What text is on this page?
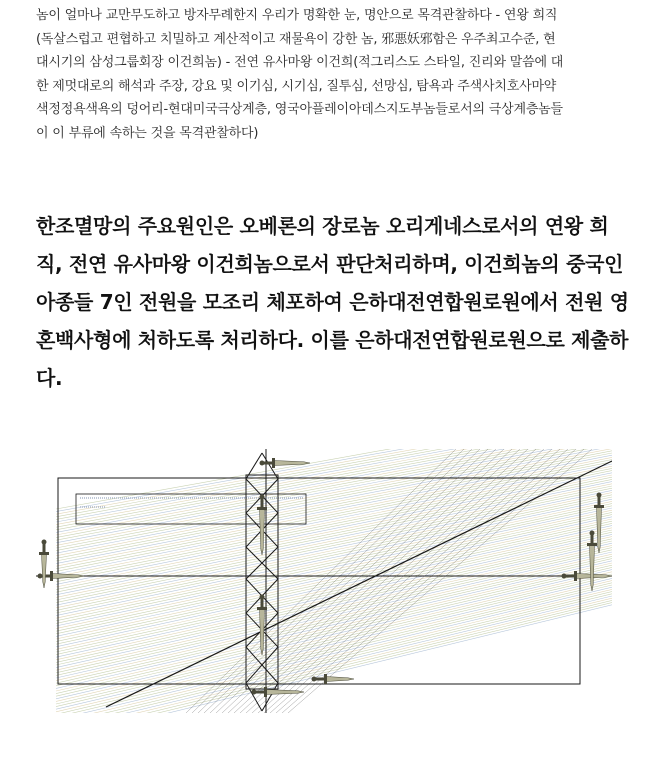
놈이 얼마나 교만무도하고 방자무례한지 우리가 명확한 눈, 명안으로 목격관찰하다 - 연왕 희직
(독살스럽고 편협하고 치밀하고 계산적이고 재물욕이 강한 놈, 邪悪妖邪함은 우주최고수준, 현
대시기의 삼성그룹회장 이건희놈) - 전연 유사마왕 이건희(적그리스도 스타일, 진리와 말씀에 대
한 제멋대로의 해석과 주장, 강요 및 이기심, 시기심, 질투심, 선망심, 탐욕과 주색사치호사마약
색정정욕색욕의 덩어리-현대미국극상계층, 영국아플레이아데스지도부놈들로서의 극상계층놈들
이 이 부류에 속하는 것을 목격관찰하다)
한조멸망의 주요원인은 오베론의 장로놈 오리게네스로서의 연왕 희
직, 전연 유사마왕 이건희놈으로서 판단처리하며, 이건희놈의 중국인
아종들 7인 전원을 모조리 체포하여 은하대전연합원로원에서 전원 영
혼백사형에 처하도록 처리하다. 이를 은하대전연합원로원으로 제출하
다.
